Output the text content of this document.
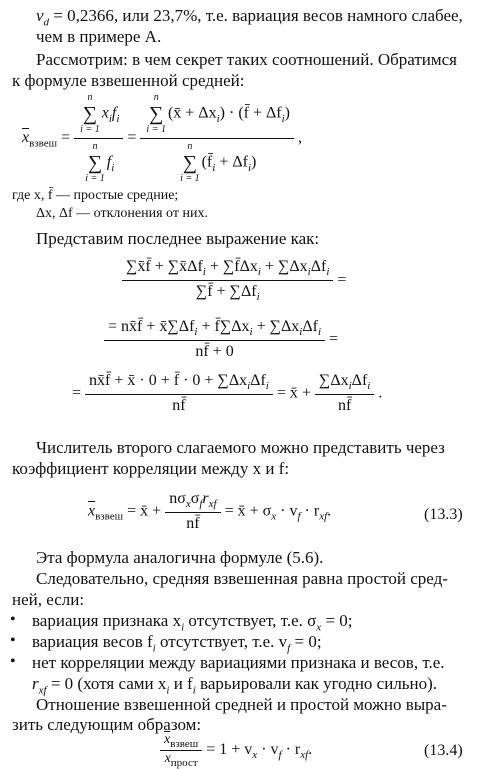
$v_d = 0,2366$, или 23,7%, т.е. вариация весов намного слабее,
чем в примере А.
Рассмотрим: в чем секрет таких соотношений. Обратимся
к формуле взвешенной средней:
$\overline{x}_{взвеш} = n$
∑
i = 1
$x_if_i$
n
∑
i = 1
$f_i = n$
∑
i = 1
(x̄ + $\Delta x_i$) · (f̄ + $\Delta f_i$)
n
∑
i = 1
$(f̄_i + \Delta f_i)$ ,
где x, f̄ — простые средние;
Δx, Δf — отклонения от них.
Представим последнее выражение как:
$\frac{\sum x̄f̄ + \sum x̄\Delta f_i + \sum f̄\Delta x_i + \sum\Delta x_i\Delta f_i}{\sum f̄ + \sum\Delta f_i}$ =
$\frac{= nx̄f̄ + x̄\sum\Delta f_i + f̄\sum\Delta x_i + \sum\Delta x_i\Delta f_i}{nf̄ + 0}$ =
= $\frac{nx̄f̄ + x̄ \cdot 0 + f̄ \cdot 0 + \sum\Delta x_i\Delta f_i}{nf̄}$ = x̄ + $\frac{\sum\Delta x_i\Delta f_i}{nf̄}$ .
Числитель второго слагаемого можно представить через
коэффициент корреляции между x и f:
$\overline{x}_{взвеш}$ = x̄ + $\frac{n\sigma_x\sigma_fr_{xf}}{nf̄}$ = x̄ + $\sigma_x \cdot v_f \cdot r_{xf}$.	(13.3)
Эта формула аналогична формуле (5.6).
Следовательно, средняя взвешенная равна простой сред-
ней, если:
• вариация признака $x_i$ отсутствует, т.е. $\sigma_x = 0$;
• вариация весов $f_i$ отсутствует, т.е. $v_f = 0$;
• нет корреляции между вариациями признака и весов, т.е.
$r_{xf} = 0$ (хотя сами $x_i$ и $f_i$ варьировали как угодно сильно).
Отношение взвешенной средней и простой можно выра-
зить следующим образом:
$\frac{\overline{x}_{взвеш}}{\overline{x}_{прост}} = 1 + v_x \cdot v_f \cdot r_{xf}$.	(13.4)
